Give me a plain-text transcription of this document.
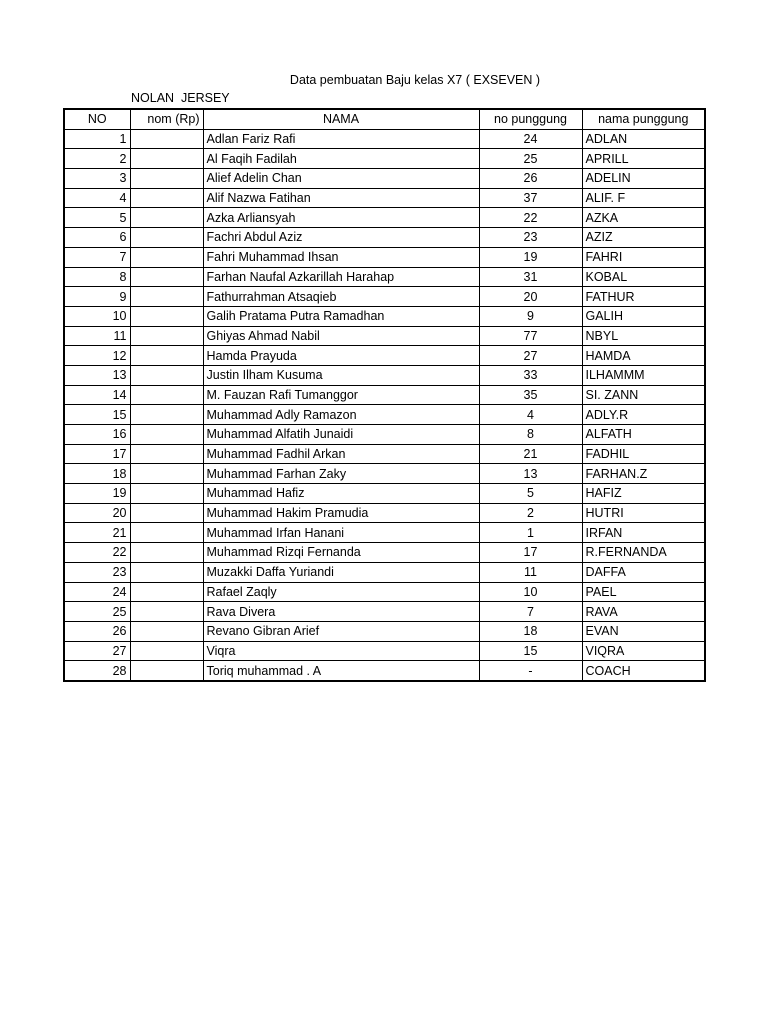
Data pembuatan Baju kelas X7 ( EXSEVEN )
NOLAN  JERSEY
NO	nom (Rp)	NAMA	no punggung	nama punggung
1		Adlan Fariz Rafi	24	ADLAN
2		Al Faqih Fadilah	25	APRILL
3		Alief Adelin Chan	26	ADELIN
4		Alif Nazwa Fatihan	37	ALIF. F
5		Azka Arliansyah	22	AZKA
6		Fachri Abdul Aziz	23	AZIZ
7		Fahri Muhammad Ihsan	19	FAHRI
8		Farhan Naufal Azkarillah Harahap	31	KOBAL
9		Fathurrahman Atsaqieb	20	FATHUR
10		Galih Pratama Putra Ramadhan	9	GALIH
11		Ghiyas Ahmad Nabil	77	NBYL
12		Hamda Prayuda	27	HAMDA
13		Justin Ilham Kusuma	33	ILHAMMM
14		M. Fauzan Rafi Tumanggor	35	SI. ZANN
15		Muhammad Adly Ramazon	4	ADLY.R
16		Muhammad Alfatih Junaidi	8	ALFATH
17		Muhammad Fadhil Arkan	21	FADHIL
18		Muhammad Farhan Zaky	13	FARHAN.Z
19		Muhammad Hafiz	5	HAFIZ
20		Muhammad Hakim Pramudia	2	HUTRI
21		Muhammad Irfan Hanani	1	IRFAN
22		Muhammad Rizqi Fernanda	17	R.FERNANDA
23		Muzakki Daffa Yuriandi	11	DAFFA
24		Rafael Zaqly	10	PAEL
25		Rava Divera	7	RAVA
26		Revano Gibran Arief	18	EVAN
27		Viqra	15	VIQRA
28		Toriq muhammad . A	-	COACH
